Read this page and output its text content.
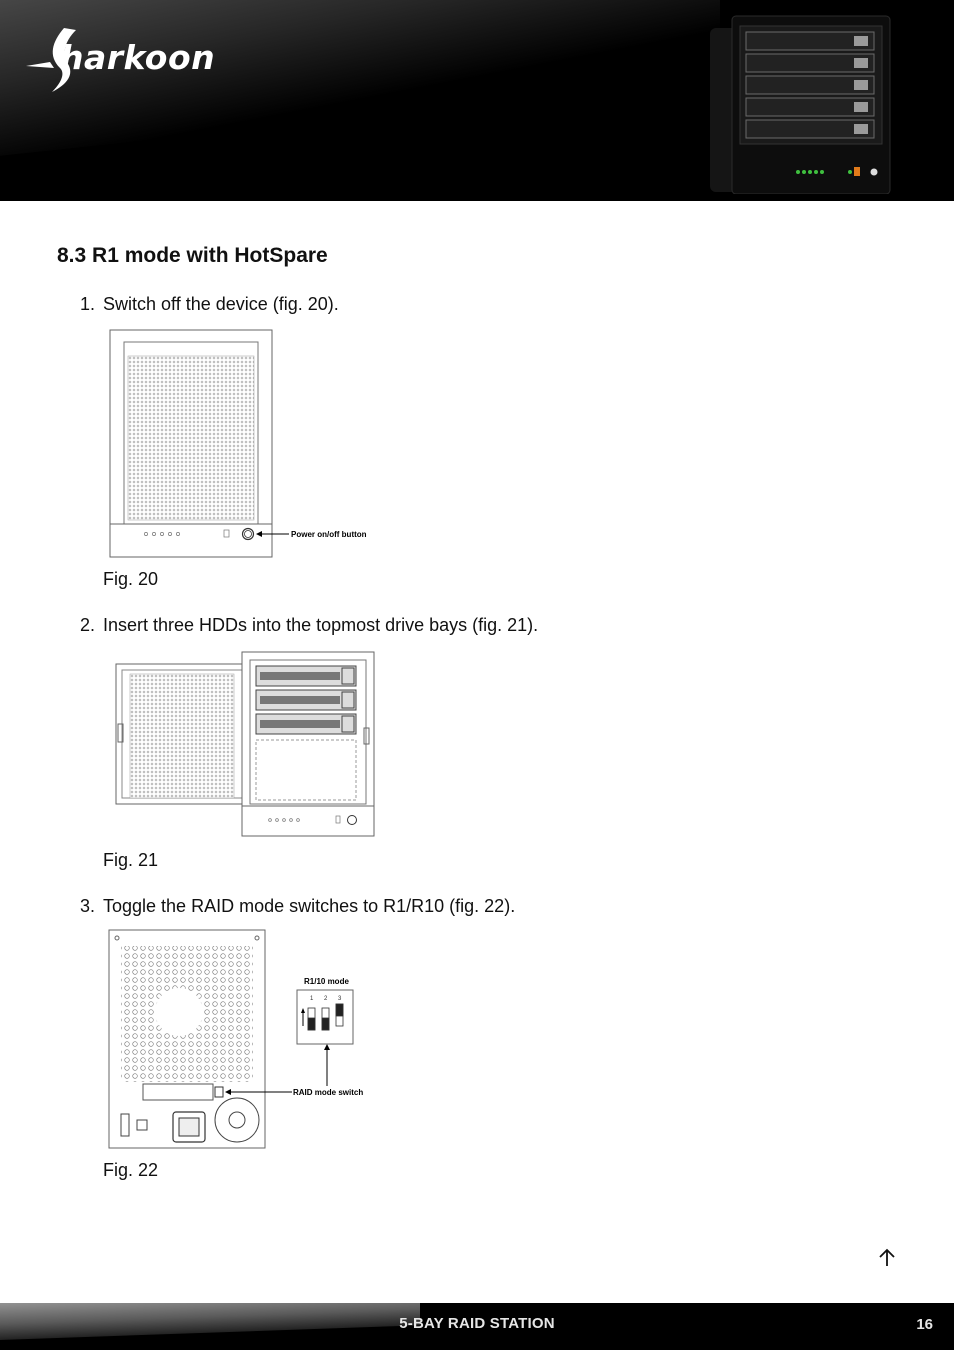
harkoon
8.3 R1 mode with HotSpare
1. Switch off the device (fig. 20).
Power on/off button
Fig. 20
2. Insert three HDDs into the topmost drive bays (fig. 21).
Fig. 21
3. Toggle the RAID mode switches to R1/R10 (fig. 22).
RAID mode switch
R1/10 mode
1 2 3
Fig. 22
5-BAY RAID STATION	16
